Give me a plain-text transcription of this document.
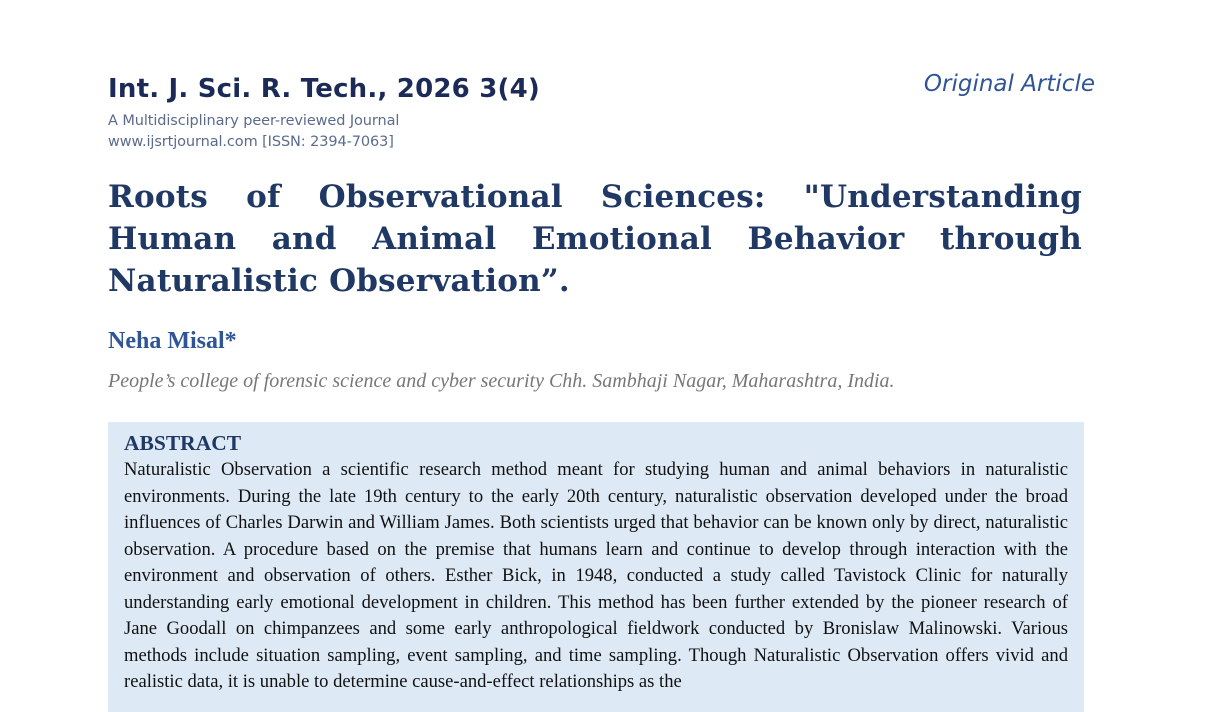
Int. J. Sci. R. Tech., 2026 3(4)
A Multidisciplinary peer-reviewed Journal
www.ijsrtjournal.com [ISSN: 2394-7063]
Original Article
Roots of Observational Sciences: "Understanding Human and Animal Emotional Behavior through Naturalistic Observation”.
Neha Misal*
People’s college of forensic science and cyber security Chh. Sambhaji Nagar, Maharashtra, India.
ABSTRACT

Naturalistic Observation a scientific research method meant for studying human and animal behaviors in naturalistic environments. During the late 19th century to the early 20th century, naturalistic observation developed under the broad influences of Charles Darwin and William James. Both scientists urged that behavior can be known only by direct, naturalistic observation. A procedure based on the premise that humans learn and continue to develop through interaction with the environment and observation of others. Esther Bick, in 1948, conducted a study called Tavistock Clinic for naturally understanding early emotional development in children. This method has been further extended by the pioneer research of Jane Goodall on chimpanzees and some early anthropological fieldwork conducted by Bronislaw Malinowski. Various methods include situation sampling, event sampling, and time sampling. Though Naturalistic Observation offers vivid and realistic data, it is unable to determine cause-and-effect relationships as the
